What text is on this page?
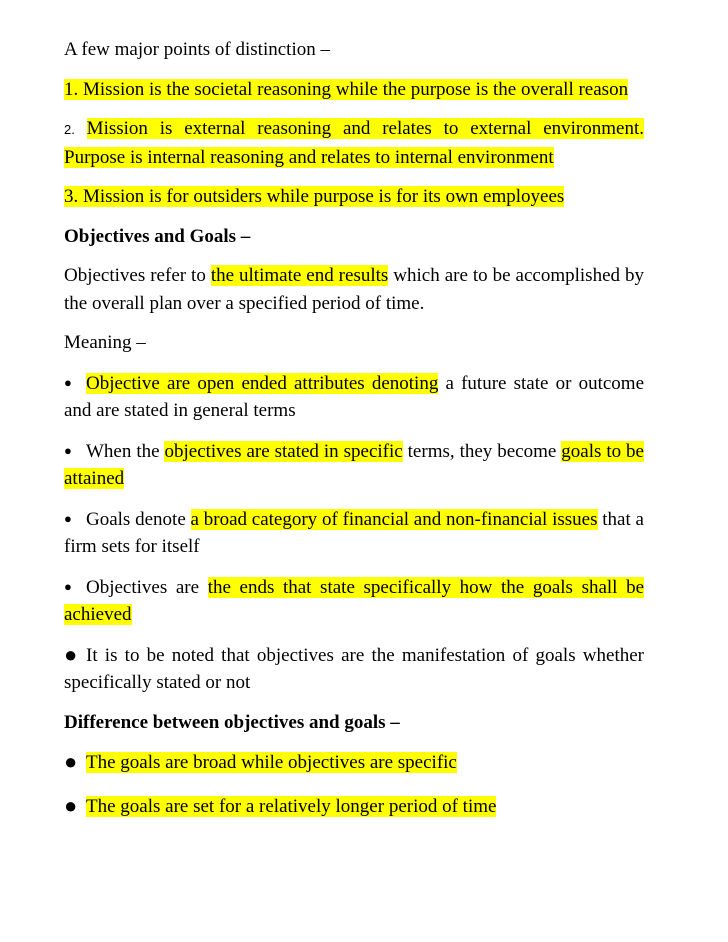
A few major points of distinction –

1. Mission is the societal reasoning while the purpose is the overall reason

2. Mission is external reasoning and relates to external environment. Purpose is internal reasoning and relates to internal environment

3. Mission is for outsiders while purpose is for its own employees

Objectives and Goals –

Objectives refer to the ultimate end results which are to be accomplished by the overall plan over a specified period of time.

Meaning –

● Objective are open ended attributes denoting a future state or outcome and are stated in general terms

● When the objectives are stated in specific terms, they become goals to be attained

● Goals denote a broad category of financial and non-financial issues that a firm sets for itself

● Objectives are the ends that state specifically how the goals shall be achieved

● It is to be noted that objectives are the manifestation of goals whether specifically stated or not

Difference between objectives and goals –

● The goals are broad while objectives are specific

● The goals are set for a relatively longer period of time
